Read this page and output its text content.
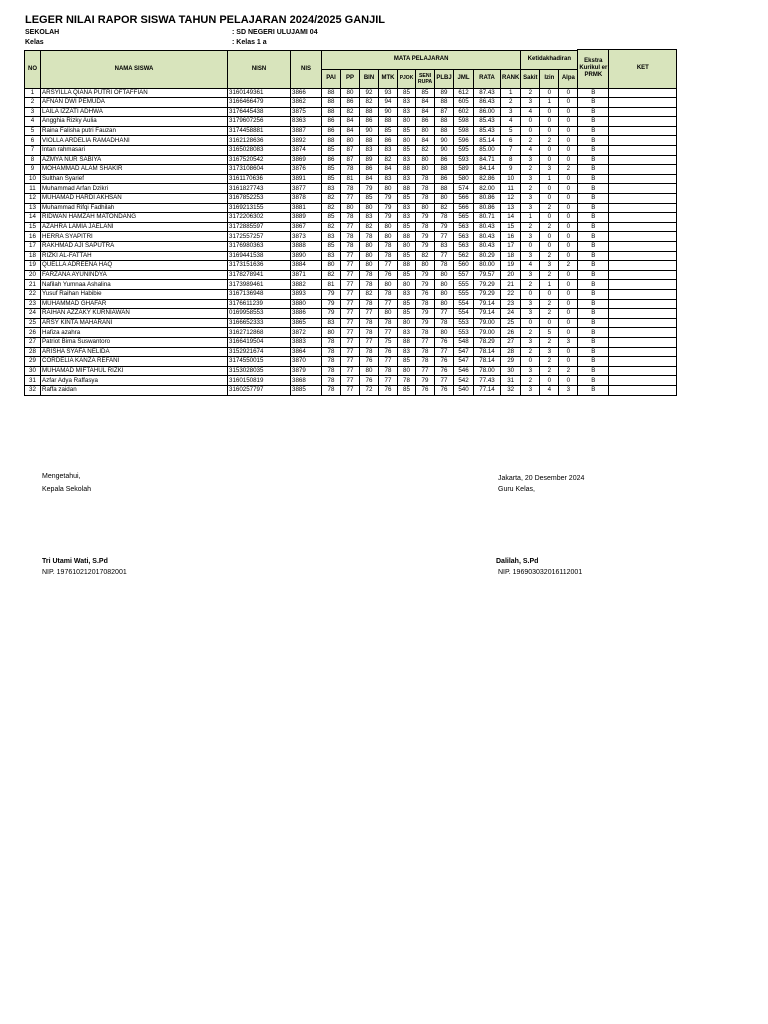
LEGER NILAI RAPOR SISWA TAHUN PELAJARAN 2024/2025 GANJIL
SEKOLAH	: SD NEGERI ULUJAMI 04
Kelas	: Kelas 1 a
																	Ekstra Kurikul er PRMK	KET
NO	NAMA SISWA	NISN	NIS	MATA PELAJARAN										Ketidakhadiran				
				PAI	PP	BIN	MTK	PJOK	SENI RUPA	PLBJ	JML	RATA	RANK	Sakit	Izin	Alpa		
1	ARSYILLA QIANA PUTRI OFTAFFIAN	3160149361	3866	88	80	92	93	85	85	89	612	87.43	1	2	0	0	B	
2	AFNAN DWI PEMUDA	3166466479	3862	88	86	82	94	83	84	88	605	86.43	2	3	1	0	B	
3	LAILA IZZATI ADHWA	3176445438	3875	88	82	88	90	83	84	87	602	86.00	3	4	0	0	B	
4	Angghia Rizky Aulia	3179607256	8363	86	84	86	88	80	86	88	598	85.43	4	0	0	0	B	
5	Raina Falisha putri Fauzan	3174458881	3887	86	84	90	85	85	80	88	598	85.43	5	0	0	0	B	
6	VIOLLA ARDELIA RAMADHANI	3162128636	3892	88	80	88	86	80	84	90	596	85.14	6	2	2	0	B	
7	Intan rahmasari	3165028083	3874	85	87	83	83	85	82	90	595	85.00	7	4	0	0	B	
8	AZMYA NUR SABIYA	3167520542	3869	86	87	89	82	83	80	86	593	84.71	8	3	0	0	B	
9	MOHAMMAD ALAM SHAKIR	3173108604	3876	85	78	86	84	88	80	88	589	84.14	9	2	3	2	B	
10	Sulthan Syarief	3161170636	3891	85	81	84	83	83	78	86	580	82.86	10	3	1	0	B	
11	Muhammad Arfan Dzikri	3161827743	3877	83	78	79	80	88	78	88	574	82.00	11	2	0	0	B	
12	MUHAMAD HARDI AKHSAN	3167852253	3878	82	77	85	79	85	78	80	566	80.86	12	3	0	0	B	
13	Muhammad Rifqi Fadhilah	3169213155	3881	82	80	80	79	83	80	82	566	80.86	13	3	2	0	B	
14	RIDWAN HAMZAH MATONDANG	3172206302	3889	85	78	83	79	83	79	78	565	80.71	14	1	0	0	B	
15	AZAHRA LAMIA JAELANI	3172885597	3867	82	77	82	80	85	78	79	563	80.43	15	2	2	0	B	
16	HERRA SYAPITRI	3172557257	3873	83	78	78	80	88	79	77	563	80.43	16	3	0	0	B	
17	RAKHMAD AJI SAPUTRA	3176980363	3888	85	78	80	78	80	79	83	563	80.43	17	0	0	0	B	
18	RIZKI AL-FATTAH	3169441538	3890	83	77	80	78	85	82	77	562	80.29	18	3	2	0	B	
19	QUELLA ADREENA HAQ	3173151636	3884	80	77	80	77	88	80	78	560	80.00	19	4	3	2	B	
20	FARZANA AYUNINDYA	3178278941	3871	82	77	78	76	85	79	80	557	79.57	20	3	2	0	B	
21	Nafilah Yumnaa Ashalina	3173989461	3882	81	77	78	80	80	79	80	555	79.29	21	2	1	0	B	
22	Yusuf Raihan Habibie	3167136948	3893	79	77	82	78	83	76	80	555	79.29	22	0	0	0	B	
23	MUHAMMAD GHAFAR	3176611239	3880	79	77	78	77	85	78	80	554	79.14	23	3	2	0	B	
24	RAIHAN AZZAKY KURNIAWAN	0169958553	3886	79	77	77	80	85	79	77	554	79.14	24	3	2	0	B	
25	ARSY KINTA MAHARANI	3166652333	3865	83	77	78	78	80	79	78	553	79.00	25	0	0	0	B	
26	Hafiza azahra	3162712868	3872	80	77	78	77	83	78	80	553	79.00	26	2	5	0	B	
27	Patriot Bima Suswantoro	3166419504	3883	78	77	77	75	88	77	76	548	78.29	27	3	2	3	B	
28	ARISHA SYAFA NELIDA	3152921674	3864	78	77	78	76	83	78	77	547	78.14	28	2	3	0	B	
29	CORDELIA KANZA REFANI	3174550015	3870	78	77	76	77	85	78	76	547	78.14	29	0	2	0	B	
30	MUHAMAD MIFTAHUL RIZKI	3153028035	3879	78	77	80	78	80	77	76	546	78.00	30	3	2	2	B	
31	Azfar Adya Raffasya	3160150819	3868	78	77	76	77	78	79	77	542	77.43	31	2	0	0	B	
32	Raffa zaidan	3160257797	3885	78	77	72	76	85	76	76	540	77.14	32	3	4	3	B	
Mengetahui,
Kepala Sekolah
Tri Utami Wati, S.Pd
NIP. 197610212017082001
Jakarta, 20 Desember 2024
Guru Kelas,
Dalilah, S.Pd
NIP. 196903032016112001
